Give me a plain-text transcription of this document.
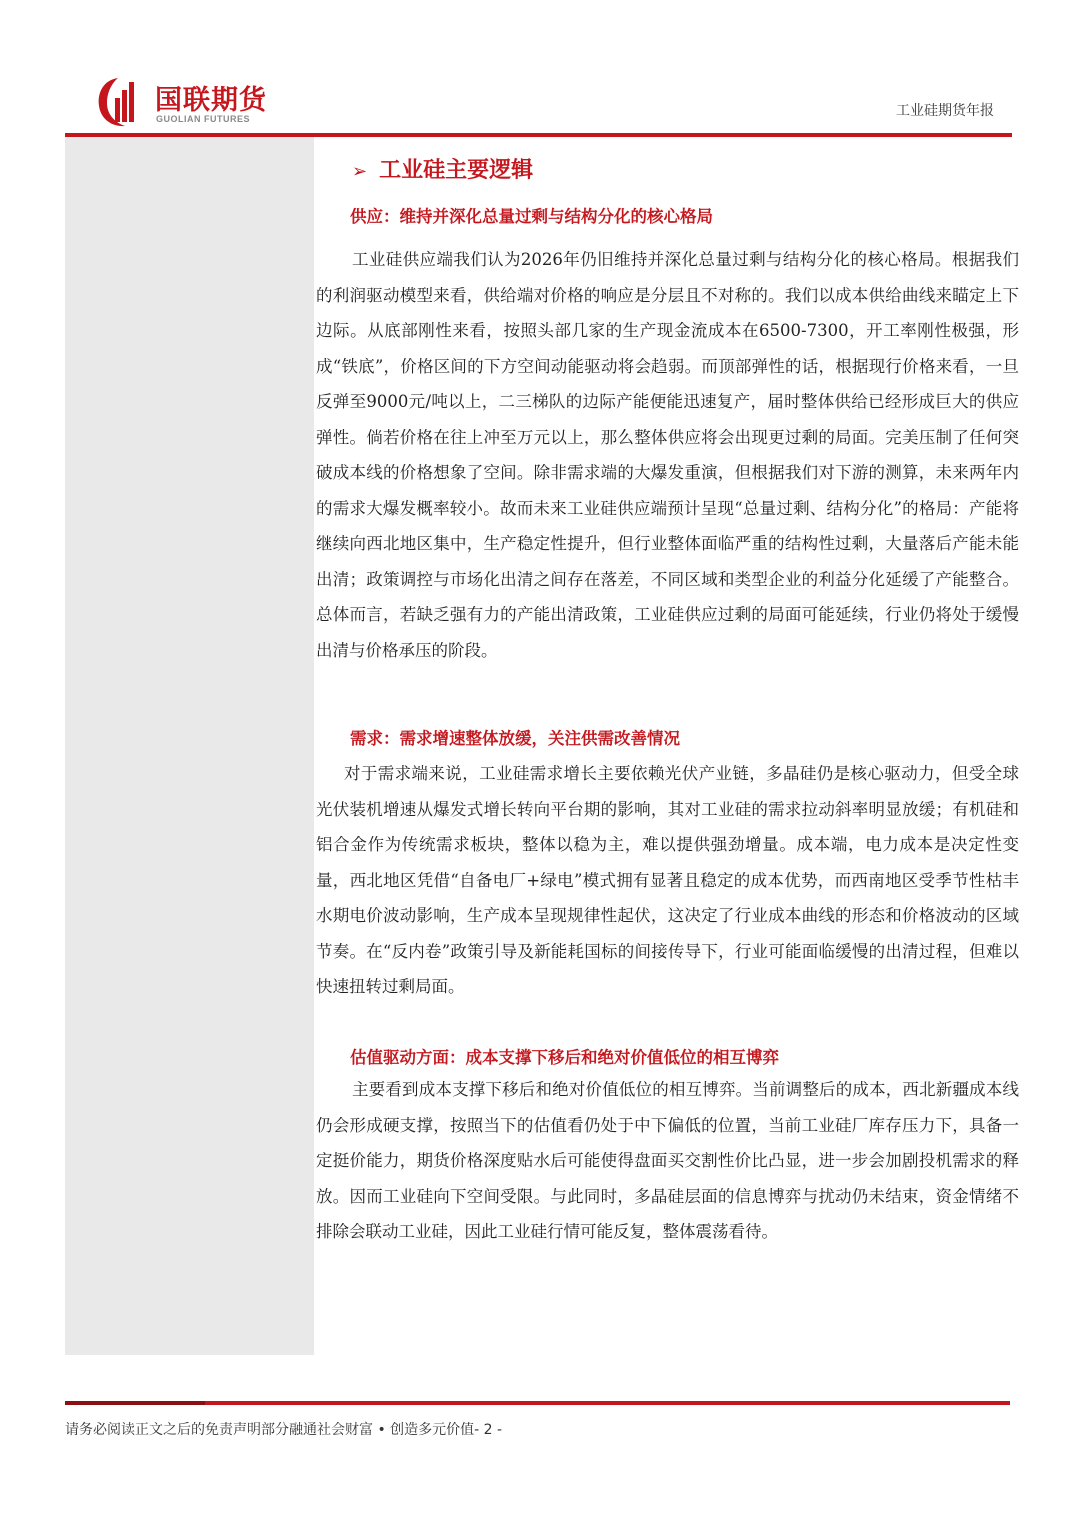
国联期货
GUOLIAN FUTURES	工业硅期货年报
➢ 工业硅主要逻辑
供应：维持并深化总量过剩与结构分化的核心格局

工业硅供应端我们认为2026年仍旧维持并深化总量过剩与结构分化的核心格局。根据我们的利润驱动模型来看，供给端对价格的响应是分层且不对称的。我们以成本供给曲线来瞄定上下边际。从底部刚性来看，按照头部几家的生产现金流成本在6500-7300，开工率刚性极强，形成“铁底”，价格区间的下方空间动能驱动将会趋弱。而顶部弹性的话，根据现行价格来看，一旦反弹至9000元/吨以上，二三梯队的边际产能便能迅速复产，届时整体供给已经形成巨大的供应弹性。倘若价格在往上冲至万元以上，那么整体供应将会出现更过剩的局面。完美压制了任何突破成本线的价格想象了空间。除非需求端的大爆发重演，但根据我们对下游的测算，未来两年内的需求大爆发概率较小。故而未来工业硅供应端预计呈现“总量过剩、结构分化”的格局：产能将继续向西北地区集中，生产稳定性提升，但行业整体面临严重的结构性过剩，大量落后产能未能出清；政策调控与市场化出清之间存在落差，不同区域和类型企业的利益分化延缓了产能整合。总体而言，若缺乏强有力的产能出清政策，工业硅供应过剩的局面可能延续，行业仍将处于缓慢出清与价格承压的阶段。

需求：需求增速整体放缓，关注供需改善情况

对于需求端来说，工业硅需求增长主要依赖光伏产业链，多晶硅仍是核心驱动力，但受全球光伏装机增速从爆发式增长转向平台期的影响，其对工业硅的需求拉动斜率明显放缓；有机硅和铝合金作为传统需求板块，整体以稳为主，难以提供强劲增量。成本端，电力成本是决定性变量，西北地区凭借“自备电厂+绿电”模式拥有显著且稳定的成本优势，而西南地区受季节性枯丰水期电价波动影响，生产成本呈现规律性起伏，这决定了行业成本曲线的形态和价格波动的区域节奏。在“反内卷”政策引导及新能耗国标的间接传导下，行业可能面临缓慢的出清过程，但难以快速扭转过剩局面。

估值驱动方面：成本支撑下移后和绝对价值低位的相互博弈

主要看到成本支撑下移后和绝对价值低位的相互博弈。当前调整后的成本，西北新疆成本线仍会形成硬支撑，按照当下的估值看仍处于中下偏低的位置，当前工业硅厂库存压力下，具备一定挺价能力，期货价格深度贴水后可能使得盘面买交割性价比凸显，进一步会加剧投机需求的释放。因而工业硅向下空间受限。与此同时，多晶硅层面的信息博弈与扰动仍未结束，资金情绪不排除会联动工业硅，因此工业硅行情可能反复，整体震荡看待。

请务必阅读正文之后的免责声明部分融通社会财富 • 创造多元价值- 2 -
